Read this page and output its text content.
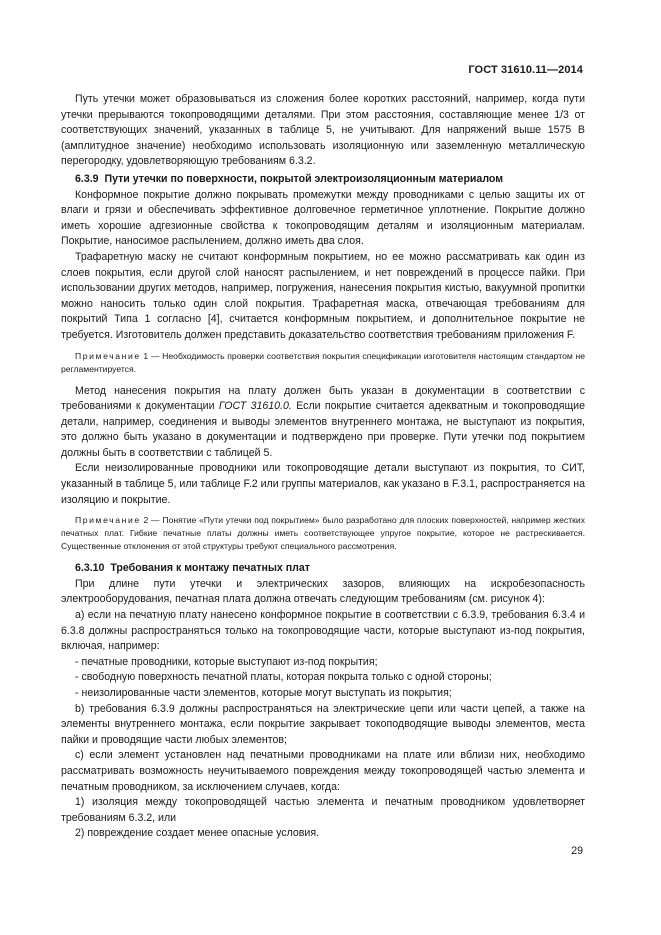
ГОСТ 31610.11—2014

Путь утечки может образовываться из сложения более коротких расстояний, например, когда пути утечки прерываются токопроводящими деталями. При этом расстояния, составляющие менее 1/3 от соответствующих значений, указанных в таблице 5, не учитывают. Для напряжений выше 1575 В (амплитудное значение) необходимо использовать изоляционную или заземленную металлическую перегородку, удовлетворяющую требованиям 6.3.2.

6.3.9 Пути утечки по поверхности, покрытой электроизоляционным материалом

Конформное покрытие должно покрывать промежутки между проводниками с целью защиты их от влаги и грязи и обеспечивать эффективное долговечное герметичное уплотнение. Покрытие должно иметь хорошие адгезионные свойства к токопроводящим деталям и изоляционным материалам. Покрытие, наносимое распылением, должно иметь два слоя.

Трафаретную маску не считают конформным покрытием, но ее можно рассматривать как один из слоев покрытия, если другой слой наносят распылением, и нет повреждений в процессе пайки. При использовании других методов, например, погружения, нанесения покрытия кистью, вакуумной пропитки можно наносить только один слой покрытия. Трафаретная маска, отвечающая требованиям для покрытий Типа 1 согласно [4], считается конформным покрытием, и дополнительное покрытие не требуется. Изготовитель должен представить доказательство соответствия требованиям приложения F.

Примечание 1 — Необходимость проверки соответствия покрытия спецификации изготовителя настоящим стандартом не регламентируется.

Метод нанесения покрытия на плату должен быть указан в документации в соответствии с требованиями к документации ГОСТ 31610.0. Если покрытие считается адекватным и токопроводящие детали, например, соединения и выводы элементов внутреннего монтажа, не выступают из покрытия, это должно быть указано в документации и подтверждено при проверке. Пути утечки под покрытием должны быть в соответствии с таблицей 5.

Если неизолированные проводники или токопроводящие детали выступают из покрытия, то СИТ, указанный в таблице 5, или таблице F.2 или группы материалов, как указано в F.3.1, распространяется на изоляцию и покрытие.

Примечание 2 — Понятие «Пути утечки под покрытием» было разработано для плоских поверхностей, например жестких печатных плат. Гибкие печатные платы должны иметь соответствующее упругое покрытие, которое не растрескивается. Существенные отклонения от этой структуры требуют специального рассмотрения.
6.3.10 Требования к монтажу печатных плат

При длине пути утечки и электрических зазоров, влияющих на искробезопасность электрооборудования, печатная плата должна отвечать следующим требованиям (см. рисунок 4):

а) если на печатную плату нанесено конформное покрытие в соответствии с 6.3.9, требования 6.3.4 и 6.3.8 должны распространяться только на токопроводящие части, которые выступают из-под покрытия, включая, например:

- печатные проводники, которые выступают из-под покрытия;

- свободную поверхность печатной платы, которая покрыта только с одной стороны;

- неизолированные части элементов, которые могут выступать из покрытия;

b) требования 6.3.9 должны распространяться на электрические цепи или части цепей, а также на элементы внутреннего монтажа, если покрытие закрывает токоподводящие выводы элементов, места пайки и проводящие части любых элементов;

с) если элемент установлен над печатными проводниками на плате или вблизи них, необходимо рассматривать возможность неучитываемого повреждения между токопроводящей частью элемента и печатным проводником, за исключением случаев, когда:

1) изоляция между токопроводящей частью элемента и печатным проводником удовлетворяет требованиям 6.3.2, или

2) повреждение создает менее опасные условия.

29
